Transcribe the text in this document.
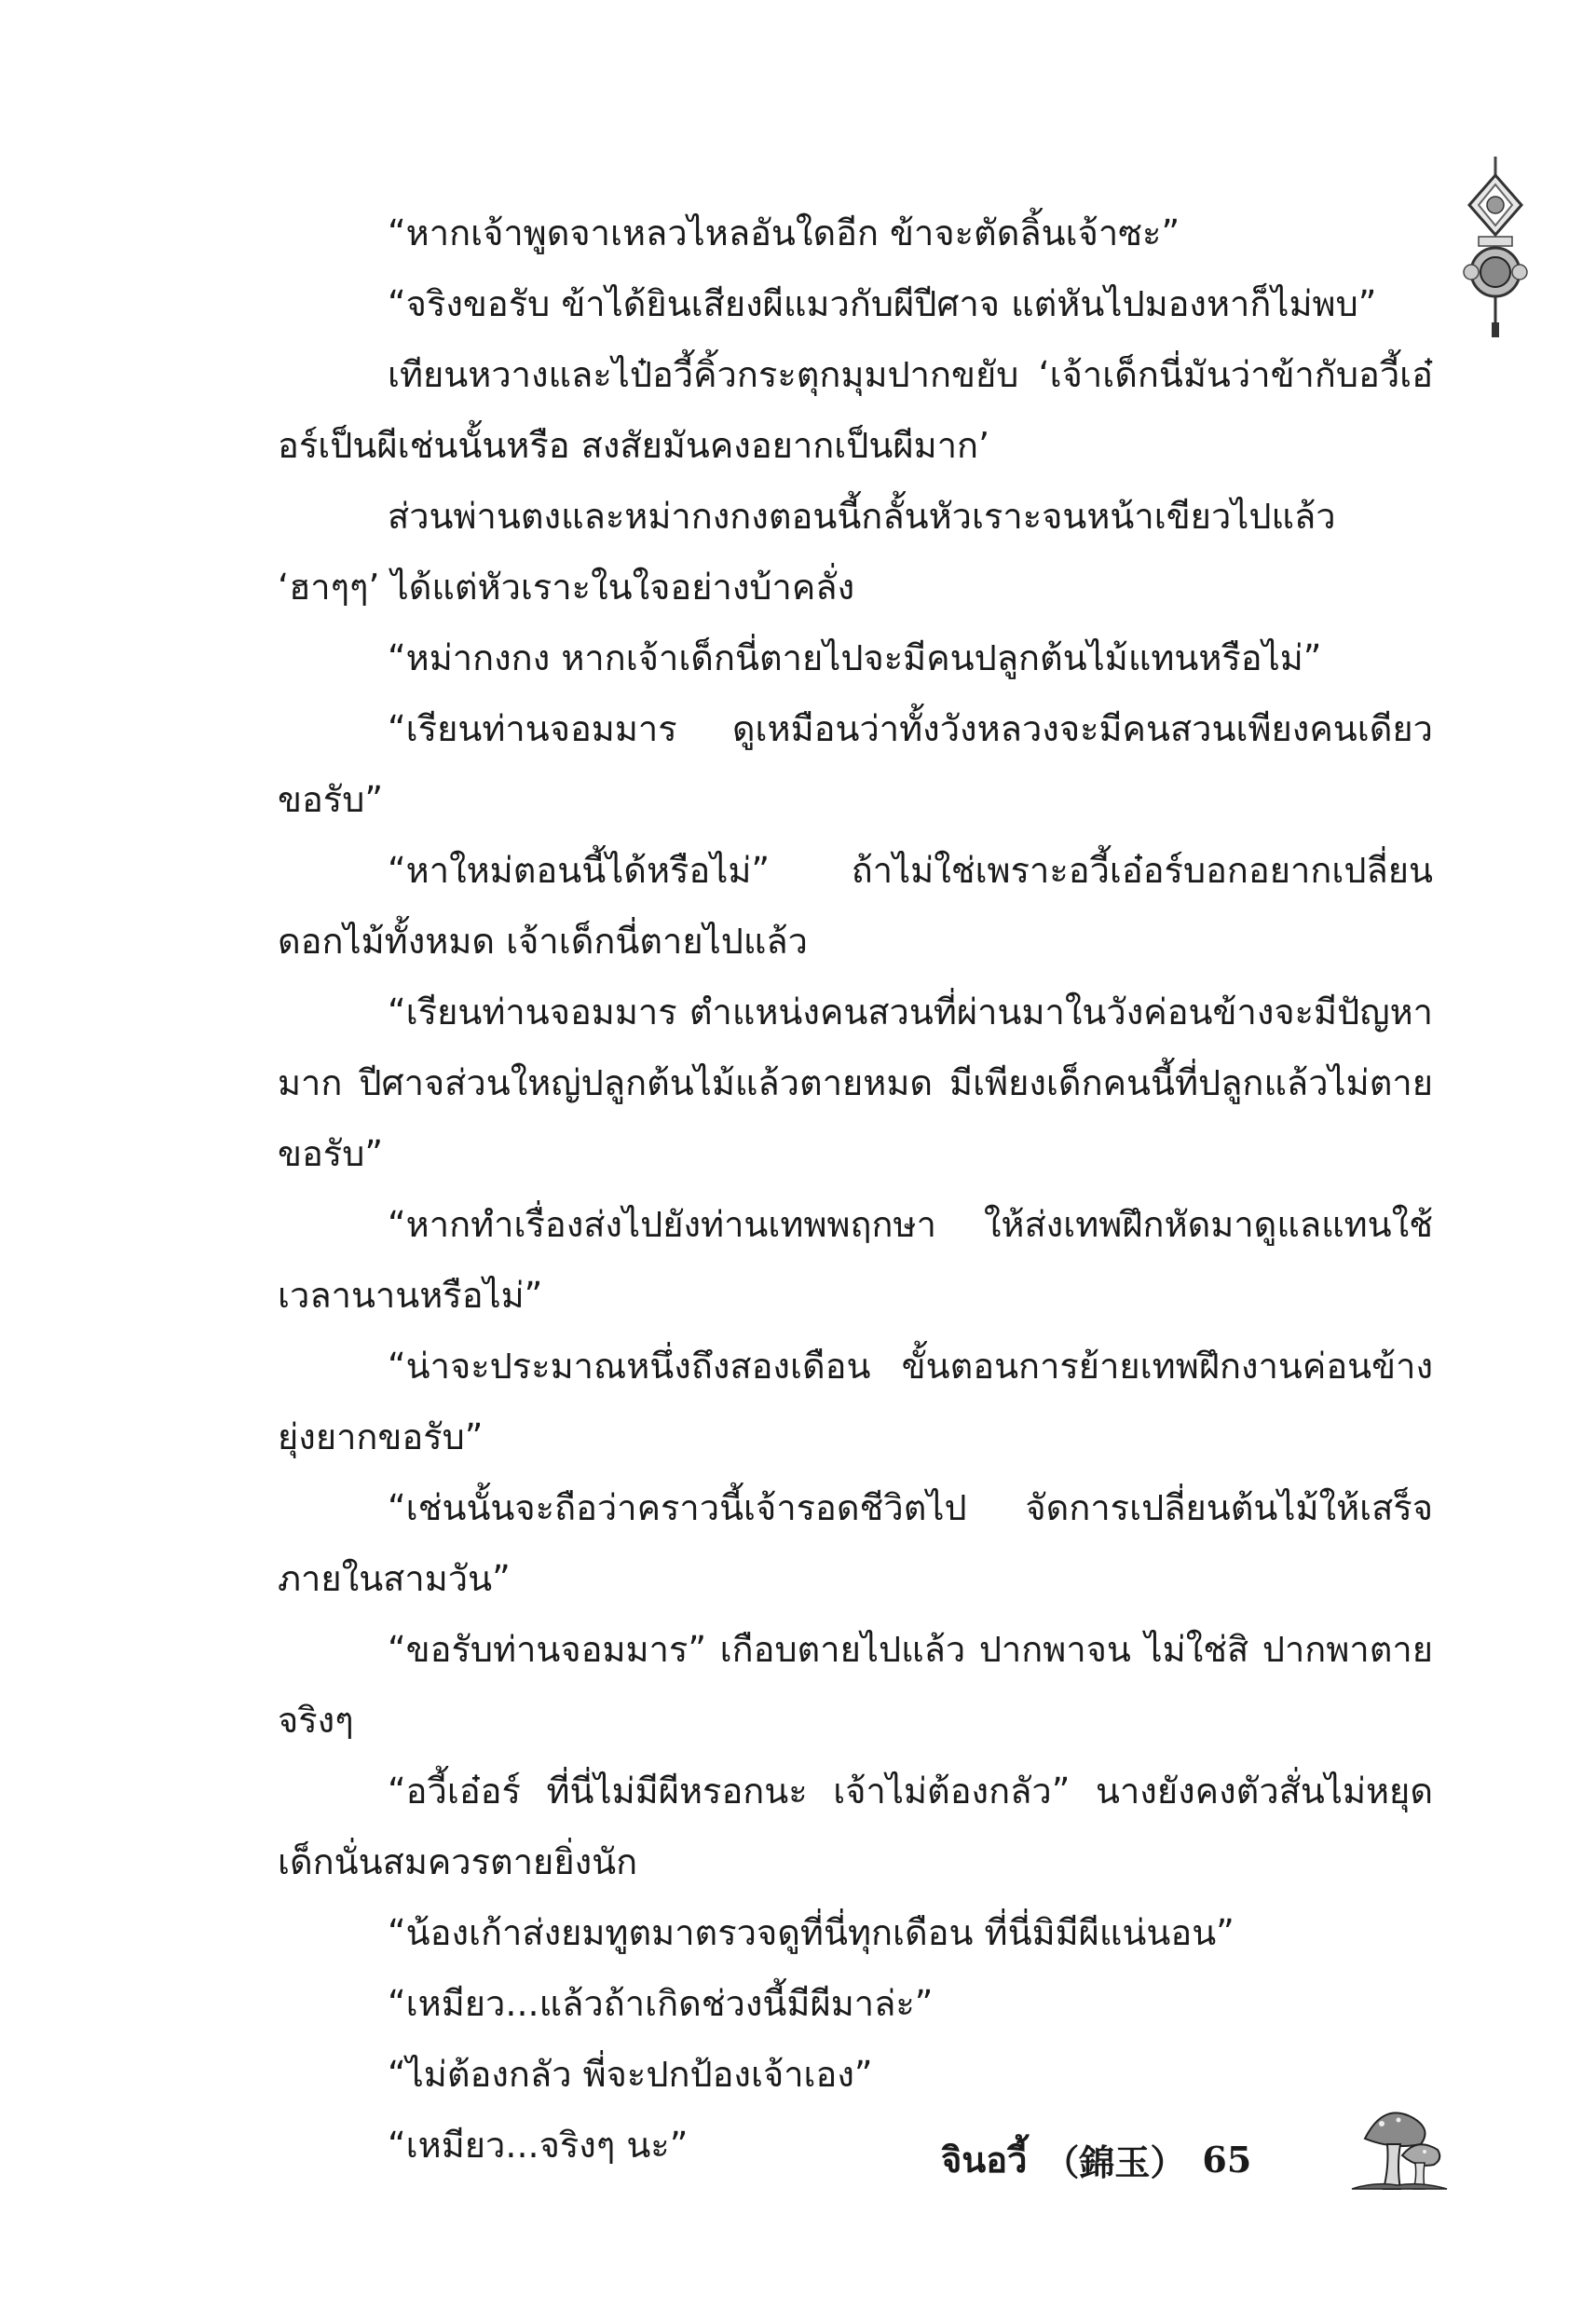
“หากเจ้าพูดจาเหลวไหลอันใดอีก ข้าจะตัดลิ้นเจ้าซะ”

“จริงขอรับ ข้าได้ยินเสียงผีแมวกับผีปีศาจ แต่หันไปมองหาก็ไม่พบ”

เทียนหวางและไป๋อวี้คิ้วกระตุกมุมปากขยับ ‘เจ้าเด็กนี่มันว่าข้ากับอวี้เอ๋อร์เป็นผีเช่นนั้นหรือ สงสัยมันคงอยากเป็นผีมาก’

ส่วนพ่านตงและหม่ากงกงตอนนี้กลั้นหัวเราะจนหน้าเขียวไปแล้ว ‘ฮาๆๆ’ ได้แต่หัวเราะในใจอย่างบ้าคลั่ง

“หม่ากงกง หากเจ้าเด็กนี่ตายไปจะมีคนปลูกต้นไม้แทนหรือไม่”

“เรียนท่านจอมมาร ดูเหมือนว่าทั้งวังหลวงจะมีคนสวนเพียงคนเดียวขอรับ”

“หาใหม่ตอนนี้ได้หรือไม่” ถ้าไม่ใช่เพราะอวี้เอ๋อร์บอกอยากเปลี่ยนดอกไม้ทั้งหมด เจ้าเด็กนี่ตายไปแล้ว

“เรียนท่านจอมมาร ตำแหน่งคนสวนที่ผ่านมาในวังค่อนข้างจะมีปัญหามาก ปีศาจส่วนใหญ่ปลูกต้นไม้แล้วตายหมด มีเพียงเด็กคนนี้ที่ปลูกแล้วไม่ตายขอรับ”

“หากทำเรื่องส่งไปยังท่านเทพพฤกษา ให้ส่งเทพฝึกหัดมาดูแลแทนใช้เวลานานหรือไม่”

“น่าจะประมาณหนึ่งถึงสองเดือน ขั้นตอนการย้ายเทพฝึกงานค่อนข้างยุ่งยากขอรับ”

“เช่นนั้นจะถือว่าคราวนี้เจ้ารอดชีวิตไป จัดการเปลี่ยนต้นไม้ให้เสร็จภายในสามวัน”

“ขอรับท่านจอมมาร” เกือบตายไปแล้ว ปากพาจน ไม่ใช่สิ ปากพาตายจริงๆ

“อวี้เอ๋อร์ ที่นี่ไม่มีผีหรอกนะ เจ้าไม่ต้องกลัว” นางยังคงตัวสั่นไม่หยุด เด็กนั่นสมควรตายยิ่งนัก

“น้องเก้าส่งยมทูตมาตรวจดูที่นี่ทุกเดือน ที่นี่มิมีผีแน่นอน”

“เหมียว...แล้วถ้าเกิดช่วงนี้มีผีมาล่ะ”

“ไม่ต้องกลัว พี่จะปกป้องเจ้าเอง”

“เหมียว...จริงๆ นะ”	จินอวี้ （錦玉） 65
